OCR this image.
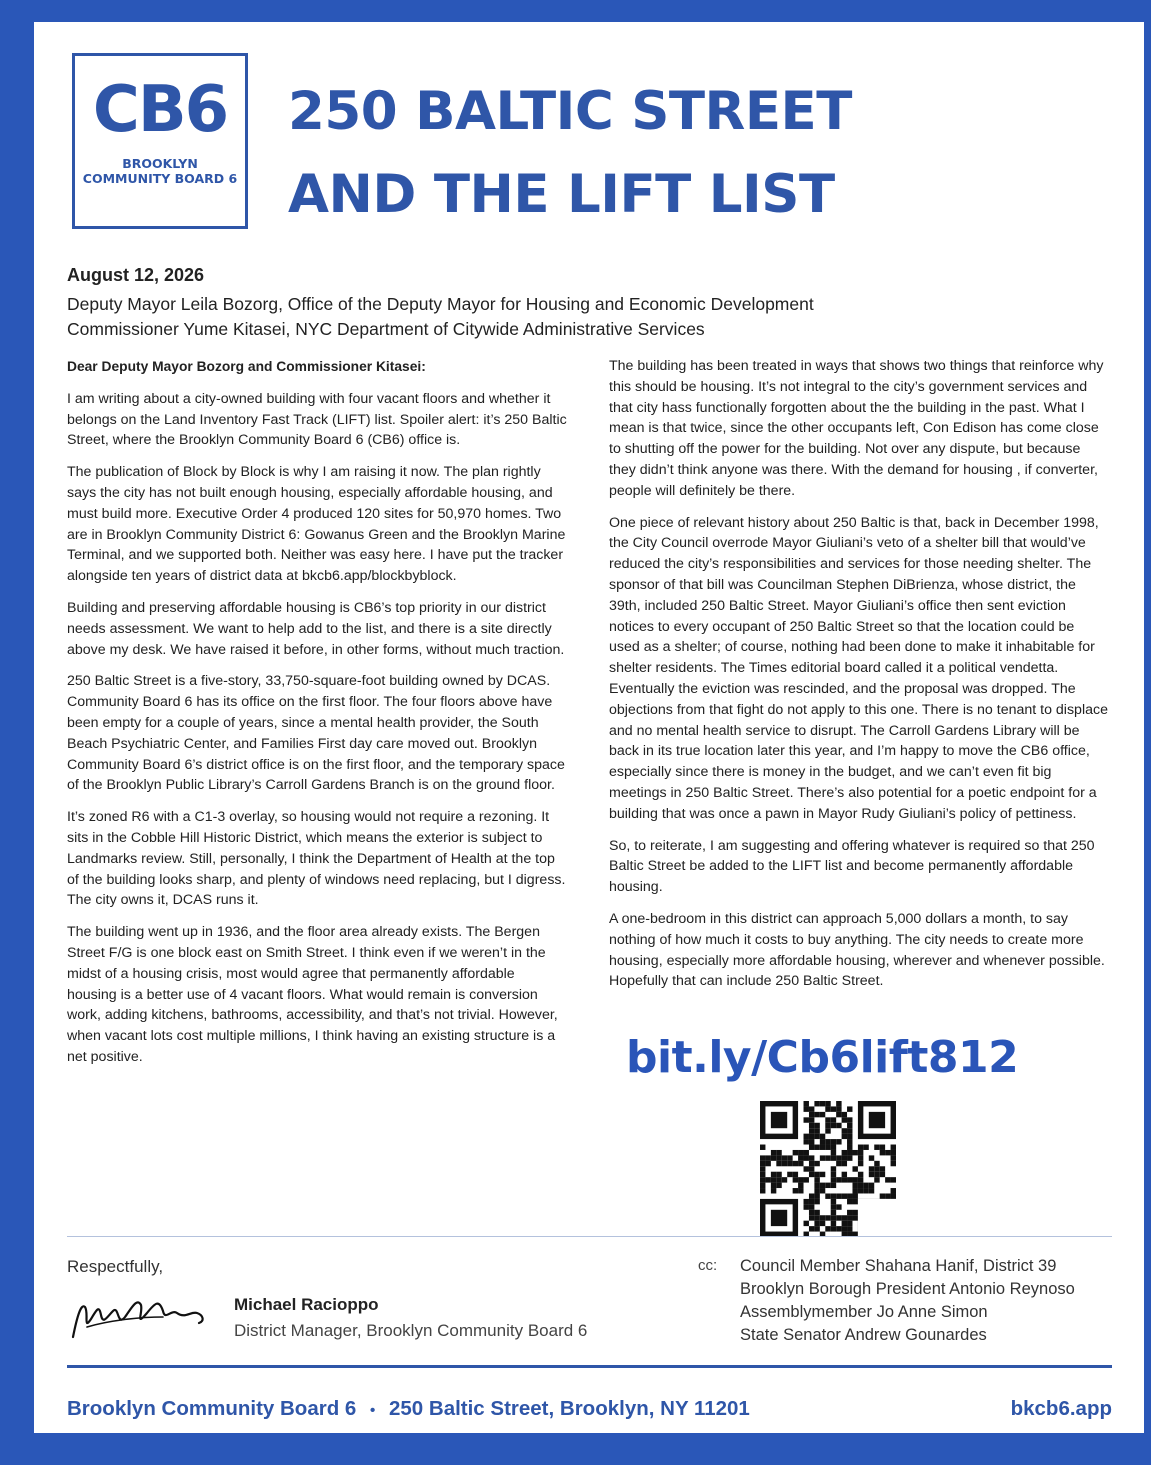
CB6
BROOKLYN
COMMUNITY BOARD 6
250 BALTIC STREET
AND THE LIFT LIST
August 12, 2026
Deputy Mayor Leila Bozorg, Office of the Deputy Mayor for Housing and Economic Development
Commissioner Yume Kitasei, NYC Department of Citywide Administrative Services

Dear Deputy Mayor Bozorg and Commissioner Kitasei:

I am writing about a city-owned building with four vacant floors and whether it belongs on the Land Inventory Fast Track (LIFT) list. Spoiler alert: it’s 250 Baltic Street, where the Brooklyn Community Board 6 (CB6) office is.

The publication of Block by Block is why I am raising it now. The plan rightly says the city has not built enough housing, especially affordable housing, and must build more. Executive Order 4 produced 120 sites for 50,970 homes. Two are in Brooklyn Community District 6: Gowanus Green and the Brooklyn Marine Terminal, and we supported both. Neither was easy here. I have put the tracker alongside ten years of district data at bkcb6.app/blockbyblock.

Building and preserving affordable housing is CB6’s top priority in our district needs assessment. We want to help add to the list, and there is a site directly above my desk. We have raised it before, in other forms, without much traction.

250 Baltic Street is a five-story, 33,750-square-foot building owned by DCAS. Community Board 6 has its office on the first floor. The four floors above have been empty for a couple of years, since a mental health provider, the South Beach Psychiatric Center, and Families First day care moved out. Brooklyn Community Board 6’s district office is on the first floor, and the temporary space of the Brooklyn Public Library’s Carroll Gardens Branch is on the ground floor.

It’s zoned R6 with a C1-3 overlay, so housing would not require a rezoning. It sits in the Cobble Hill Historic District, which means the exterior is subject to Landmarks review. Still, personally, I think the Department of Health at the top of the building looks sharp, and plenty of windows need replacing, but I digress. The city owns it, DCAS runs it.

The building went up in 1936, and the floor area already exists. The Bergen Street F/G is one block east on Smith Street. I think even if we weren’t in the midst of a housing crisis, most would agree that permanently affordable housing is a better use of 4 vacant floors. What would remain is conversion work, adding kitchens, bathrooms, accessibility, and that’s not trivial. However, when vacant lots cost multiple millions, I think having an existing structure is a net positive.

The building has been treated in ways that shows two things that reinforce why this should be housing. It’s not integral to the city’s government services and that city hass functionally forgotten about the the building in the past. What I mean is that twice, since the other occupants left, Con Edison has come close to shutting off the power for the building. Not over any dispute, but because they didn’t think anyone was there. With the demand for housing , if converter, people will definitely be there.

One piece of relevant history about 250 Baltic is that, back in December 1998, the City Council overrode Mayor Giuliani’s veto of a shelter bill that would’ve reduced the city’s responsibilities and services for those needing shelter. The sponsor of that bill was Councilman Stephen DiBrienza, whose district, the 39th, included 250 Baltic Street. Mayor Giuliani’s office then sent eviction notices to every occupant of 250 Baltic Street so that the location could be used as a shelter; of course, nothing had been done to make it inhabitable for shelter residents. The Times editorial board called it a political vendetta. Eventually the eviction was rescinded, and the proposal was dropped. The objections from that fight do not apply to this one. There is no tenant to displace and no mental health service to disrupt. The Carroll Gardens Library will be back in its true location later this year, and I’m happy to move the CB6 office, especially since there is money in the budget, and we can’t even fit big meetings in 250 Baltic Street. There’s also potential for a poetic endpoint for a building that was once a pawn in Mayor Rudy Giuliani’s policy of pettiness.

So, to reiterate, I am suggesting and offering whatever is required so that 250 Baltic Street be added to the LIFT list and become permanently affordable housing.

A one-bedroom in this district can approach 5,000 dollars a month, to say nothing of how much it costs to buy anything. The city needs to create more housing, especially more affordable housing, wherever and whenever possible. Hopefully that can include 250 Baltic Street.

bit.ly/Cb6lift812
Respectfully,
Michael Racioppo
District Manager, Brooklyn Community Board 6
cc: Council Member Shahana Hanif, District 39
Brooklyn Borough President Antonio Reynoso
Assemblymember Jo Anne Simon
State Senator Andrew Gounardes
Brooklyn Community Board 6 • 250 Baltic Street, Brooklyn, NY 11201	bkcb6.app
